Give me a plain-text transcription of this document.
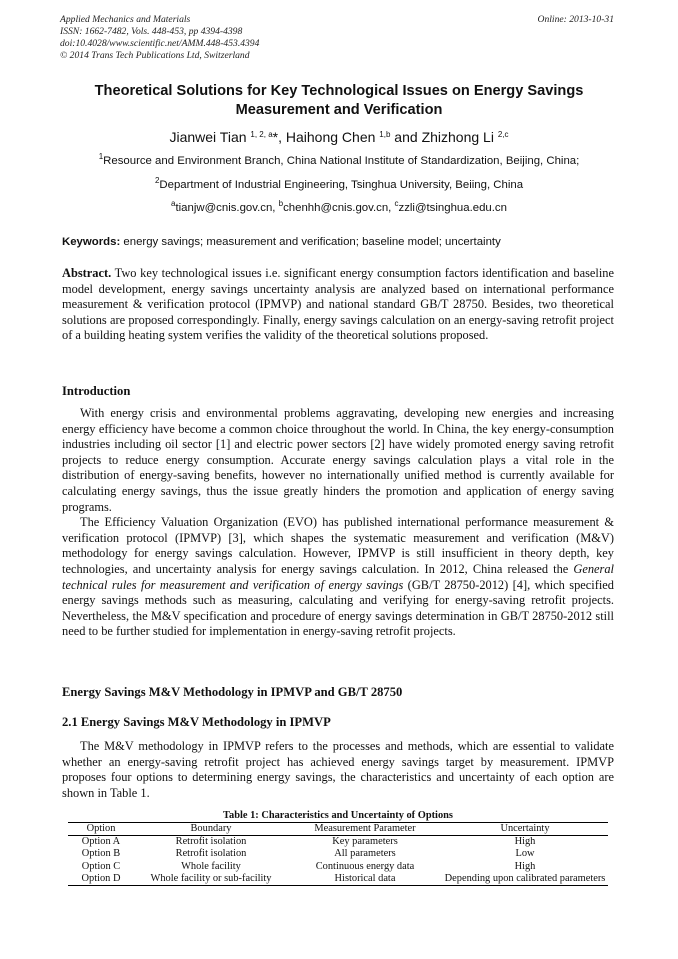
Applied Mechanics and Materials
ISSN: 1662-7482, Vols. 448-453, pp 4394-4398
doi:10.4028/www.scientific.net/AMM.448-453.4394
© 2014 Trans Tech Publications Ltd, Switzerland
Online: 2013-10-31
Theoretical Solutions for Key Technological Issues on Energy Savings
Measurement and Verification
Jianwei Tian $^{1, 2, a}$*, Haihong Chen $^{1,b}$ and Zhizhong Li $^{2,c}$
$^1$Resource and Environment Branch, China National Institute of Standardization, Beijing, China;
$^2$Department of Industrial Engineering, Tsinghua University, Beiing, China
$^a$tianjw@cnis.gov.cn, $^b$chenhh@cnis.gov.cn, $^c$zzli@tsinghua.edu.cn
Keywords: energy savings; measurement and verification; baseline model; uncertainty

Abstract. Two key technological issues i.e. significant energy consumption factors identification and baseline model development, energy savings uncertainty analysis are analyzed based on international performance measurement & verification protocol (IPMVP) and national standard GB/T 28750. Besides, two theoretical solutions are proposed correspondingly. Finally, energy savings calculation on an energy-saving retrofit project of a building heating system verifies the validity of the theoretical solutions proposed.

Introduction

With energy crisis and environmental problems aggravating, developing new energies and increasing energy efficiency have become a common choice throughout the world. In China, the key energy-consumption industries including oil sector [1] and electric power sectors [2] have widely promoted energy saving retrofit projects to reduce energy consumption. Accurate energy savings calculation plays a vital role in the distribution of energy-saving benefits, however no internationally unified method is currently available for calculating energy savings, thus the issue greatly hinders the promotion and application of energy saving programs.

The Efficiency Valuation Organization (EVO) has published international performance measurement & verification protocol (IPMVP) [3], which shapes the systematic measurement and verification (M&V) methodology for energy savings calculation. However, IPMVP is still insufficient in theory depth, key technologies, and uncertainty analysis for energy savings calculation. In 2012, China released the General technical rules for measurement and verification of energy savings (GB/T 28750-2012) [4], which specified energy savings methods such as measuring, calculating and verifying for energy-saving retrofit projects. Nevertheless, the M&V specification and procedure of energy savings determination in GB/T 28750-2012 still need to be further studied for implementation in energy-saving retrofit projects.

Energy Savings M&V Methodology in IPMVP and GB/T 28750
2.1 Energy Savings M&V Methodology in IPMVP
The M&V methodology in IPMVP refers to the processes and methods, which are essential to validate whether an energy-saving retrofit project has achieved energy savings target by measurement. IPMVP proposes four options to determining energy savings, the characteristics and uncertainty of each option are shown in Table 1.
Table 1: Characteristics and Uncertainty of Options
Option	Boundary	Measurement Parameter	Uncertainty
Option A	Retrofit isolation	Key parameters	High
Option B	Retrofit isolation	All parameters	Low
Option C	Whole facility	Continuous energy data	High
Option D	Whole facility or sub-facility	Historical data	Depending upon calibrated parameters
